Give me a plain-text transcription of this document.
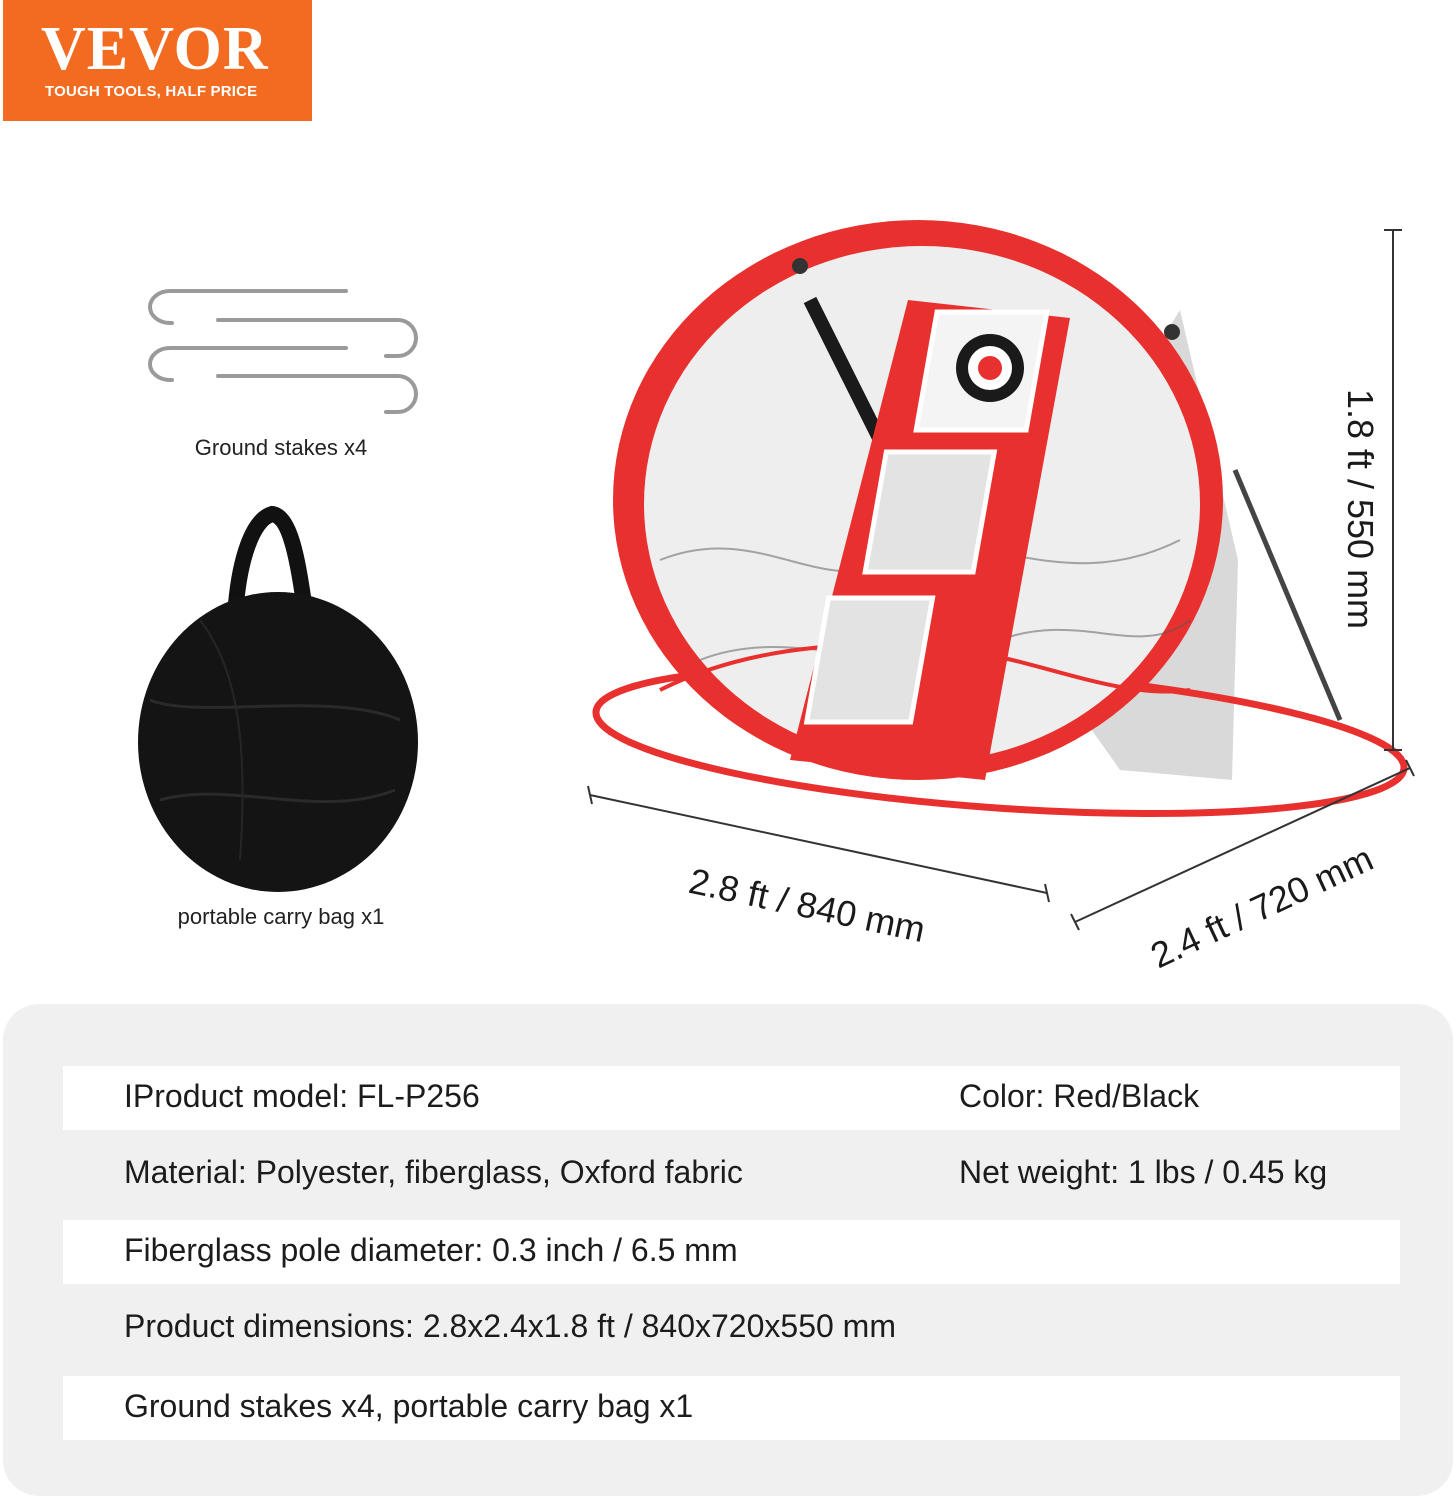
VEVOR
TOUGH TOOLS, HALF PRICE
Ground stakes x4
portable carry bag x1
1.8 ft / 550 mm
2.8 ft / 840 mm	2.4 ft / 720 mm
IProduct model: FL-P256	Color: Red/Black
Material: Polyester, fiberglass, Oxford fabric	Net weight: 1 lbs / 0.45 kg
Fiberglass pole diameter: 0.3 inch / 6.5 mm
Product dimensions: 2.8x2.4x1.8 ft / 840x720x550 mm
Ground stakes x4, portable carry bag x1
